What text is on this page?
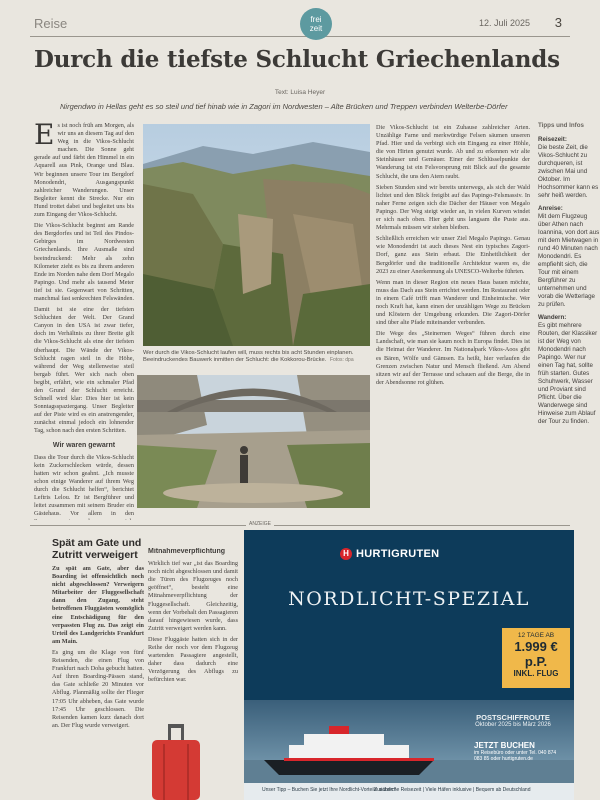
Reise	frei
zeit
12. Juli 2025 3
Durch die tiefste Schlucht Griechenlands
Text: Luisa Heyer
Nirgendwo in Hellas geht es so steil und tief hinab wie in Zagori im Nordwesten – Alte Brücken und Treppen verbinden Welterbe-Dörfer
E s ist noch früh am Morgen, als wir uns an diesem Tag auf den Weg in die Vikos-Schlucht machen. Die Sonne geht gerade auf und färbt den Himmel in ein Aquarell aus Pink, Orange und Blau. Wir beginnen unsere Tour im Bergdorf Monodendri, Ausgangspunkt zahlreicher Wanderungen. Unser Begleiter kennt die Strecke. Nur ein Hund trottet dabei und begleitet uns bis zum Eingang der Vikos-Schlucht.
Die Vikos-Schlucht beginnt am Rande des Bergdorfes und ist Teil des Pindos-Gebirges im Nordwesten Griechenlands. Ihre Ausmaße sind beeindruckend: Mehr als zehn Kilometer zieht es bis zu ihrem anderen Ende im Norden nahe dem Dorf Megalo Papingo. Und mehr als tausend Meter tief ist sie. Gegenwart von Schritten, manchmal fast senkrechten Felswänden.
Damit ist sie eine der tiefsten Schluchten der Welt. Der Grand Canyon in den USA ist zwar tiefer, doch im Verhältnis zu ihrer Breite gilt die Vikos-Schlucht als eine der tiefsten überhaupt. Die Wände der Vikos-Schlucht ragen steil in die Höhe, während der Weg stellenweise steil bergab führt. Wer sich nach oben begibt, erfährt, wie ein schmaler Pfad den Grund der Schlucht erreicht. Schnell wird klar: Dies hier ist kein Sonntagsspaziergang. Unser Begleiter auf der Piste wird es ein anstrengender, zunächst einmal jedoch ein lohnender Tag, schon nach den ersten Schritten.
Wir waren gewarnt
Dass die Tour durch die Vikos-Schlucht kein Zuckerschlecken würde, dessen hatten wir schon geahnt. „Ich musste schon einige Wanderer auf ihrem Weg durch die Schlucht helfen“, berichtet Leftris Lelou. Er ist Bergführer und leitet zusammen mit seinem Bruder ein Gästehaus. Vor allem in den
Wer durch die Vikos-Schlucht laufen will, muss rechts bis acht Stunden einplanen. Beeindruckendes Bauwerk inmitten der Schlucht: die Kokkorou-Brücke. Fotos: dpa
Die Vikos-Schlucht ist ein Zuhause zahlreicher Arten. Unzählige Farne und merkwürdige Felsen säumen unseren Pfad. Hier und da verbirgt sich ein Eingang zu einer Höhle, die von Hirten genutzt wurde. Ab und zu erkennen wir alte Steinhäuser und Gemäuer. Einer der Schlüsselpunkte der Wanderung ist ein Felsvorsprung mit Blick auf die gesamte Schlucht, die uns den Atem raubt.
Sieben Stunden sind wir bereits unterwegs, als sich der Wald lichtet und den Blick freigibt auf das Papingo-Felsmassiv. In naher Ferne zeigen sich die Dächer der Häuser von Megalo Papingo. Der Weg steigt wieder an, in vielen Kurven windet er sich nach oben. Hier geht uns langsam die Puste aus. Mehrmals müssen wir stehen bleiben.
Schließlich erreichen wir unser Ziel Megalo Papingo. Genau wie Monodendri ist auch dieses Nest ein typisches Zagori-Dorf, ganz aus Stein erbaut. Die Einheitlichkeit der Bergdörfer und die traditionelle Architektur waren es, die 2023 zu einer Anerkennung als UNESCO-Welterbe führten.
Wenn man in dieser Region ein neues Haus bauen möchte, muss das Dach aus Stein errichtet werden. Im Restaurant oder in einem Café trifft man Wanderer und Einheimische. Wer noch Kraft hat, kann einen der unzähligen Wege zu Brücken und Klöstern der Umgebung erkunden. Die Zagori-Dörfer sind über alte Pfade miteinander verbunden.
Die Wege des „Steinernen Weges“ führen durch eine Landschaft, wie man sie kaum noch in Europa findet. Dies ist die Heimat der Wanderer. Im Nationalpark Vikos-Aoos gibt es Bären, Wölfe und Gämsen. Es heißt, hier verlaufen die Grenzen zwischen Natur und Mensch fließend. Am Abend sitzen wir auf der Terrasse und schauen auf die Berge, die in der Abendsonne rot glühen.
Tipps und Infos
Reisezeit:
Die beste Zeit, die Vikos-Schlucht zu durchqueren, ist zwischen Mai und Oktober. Im Hochsommer kann es sehr heiß werden.
Anreise:
Mit dem Flugzeug über Athen nach Ioannina, von dort aus mit dem Mietwagen in rund 40 Minuten nach Monodendri. Es empfiehlt sich, die Tour mit einem Bergführer zu unternehmen und vorab die Wetterlage zu prüfen.
Wandern:
Es gibt mehrere Routen, der Klassiker ist der Weg von Monodendri nach Papingo. Wer nur einen Tag hat, sollte früh starten. Gutes Schuhwerk, Wasser und Proviant sind Pflicht. Über die Wanderwege sind Hinweise zum Ablauf der Tour zu finden.
ANZEIGE
Spät am Gate und Zutritt verweigert
Zu spät am Gate, aber das Boarding ist offensichtlich noch nicht abgeschlossen? Verweigern Mitarbeiter der Fluggesellschaft dann den Zugang, steht betroffenen Fluggästen womöglich eine Entschädigung für den verpassten Flug zu. Das zeigt ein Urteil des Landgerichts Frankfurt am Main.
Es ging um die Klage von fünf Reisenden, die einen Flug von Frankfurt nach Doha gebucht hatten. Auf ihren Boarding-Pässen stand, das Gate schließe 20 Minuten vor Abflug. Planmäßig sollte der Flieger 17:05 Uhr abheben, das Gate wurde 17:45 Uhr geschlossen. Die Reisenden kamen kurz danach dort an. Der Flug wurde verweigert.
Mitnahmeverpflichtung
Wirklich tief war „ist das Boarding noch nicht abgeschlossen und damit die Türen des Flugzeuges noch geöffnet“, besteht eine Mitnahmeverpflichtung der Fluggesellschaft. Gleichzeitig, wenn der Vorbehalt den Passagieren darauf hingewiesen wurde, dass Zutritt verweigert werden kann.
Diese Fluggäste hatten sich in der Reihe der noch vor dem Flugzeug wartenden Passagiere angestellt, daher dass dadurch eine Verzögerung des Abflugs zu befürchten war.
H HURTIGRUTEN
NORDLICHT-SPEZIAL
12 TAGE AB
1.999 € p.P.
INKL. FLUG
POSTSCHIFFROUTE
Oktober 2025 bis März 2026
JETZT BUCHEN
im Reisebüro oder unter Tel. 040 874 083 85 oder hurtigruten.de
Unser Tipp – Buchen Sie jetzt Ihre Nordlicht-Vorteile sichern!
Zusätzliche Reisezeit | Viele Häfen inklusive | Bequem ab Deutschland
